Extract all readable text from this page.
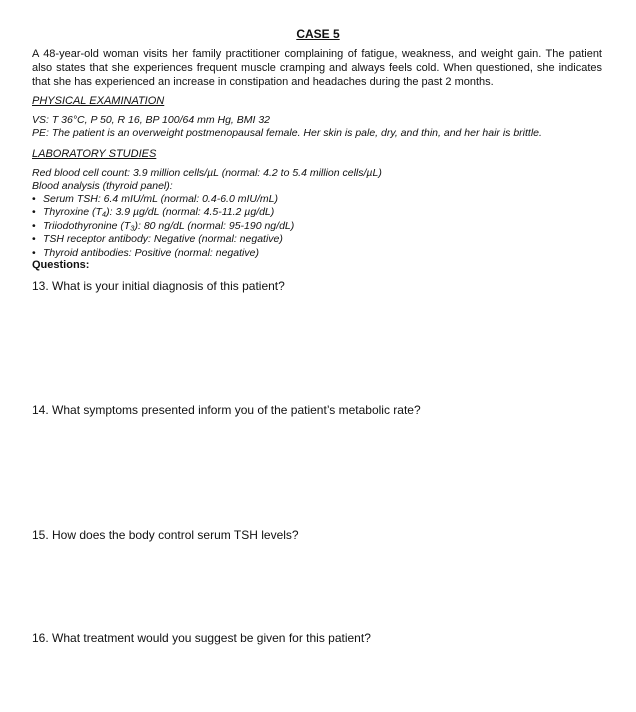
CASE 5
A 48-year-old woman visits her family practitioner complaining of fatigue, weakness, and weight gain. The patient also states that she experiences frequent muscle cramping and always feels cold. When questioned, she indicates that she has experienced an increase in constipation and headaches during the past 2 months.
PHYSICAL EXAMINATION
VS: T 36°C, P 50, R 16, BP 100/64 mm Hg, BMI 32
PE: The patient is an overweight postmenopausal female. Her skin is pale, dry, and thin, and her hair is brittle.
LABORATORY STUDIES
Red blood cell count: 3.9 million cells/µL (normal: 4.2 to 5.4 million cells/µL)
Blood analysis (thyroid panel):
• Serum TSH: 6.4 mIU/mL (normal: 0.4-6.0 mIU/mL)
• Thyroxine (T₄): 3.9 µg/dL (normal: 4.5-11.2 µg/dL)
• Triiodothyronine (T₃): 80 ng/dL (normal: 95-190 ng/dL)
• TSH receptor antibody: Negative (normal: negative)
• Thyroid antibodies: Positive (normal: negative)
Questions:
13. What is your initial diagnosis of this patient?
14. What symptoms presented inform you of the patient’s metabolic rate?
15. How does the body control serum TSH levels?
16. What treatment would you suggest be given for this patient?
